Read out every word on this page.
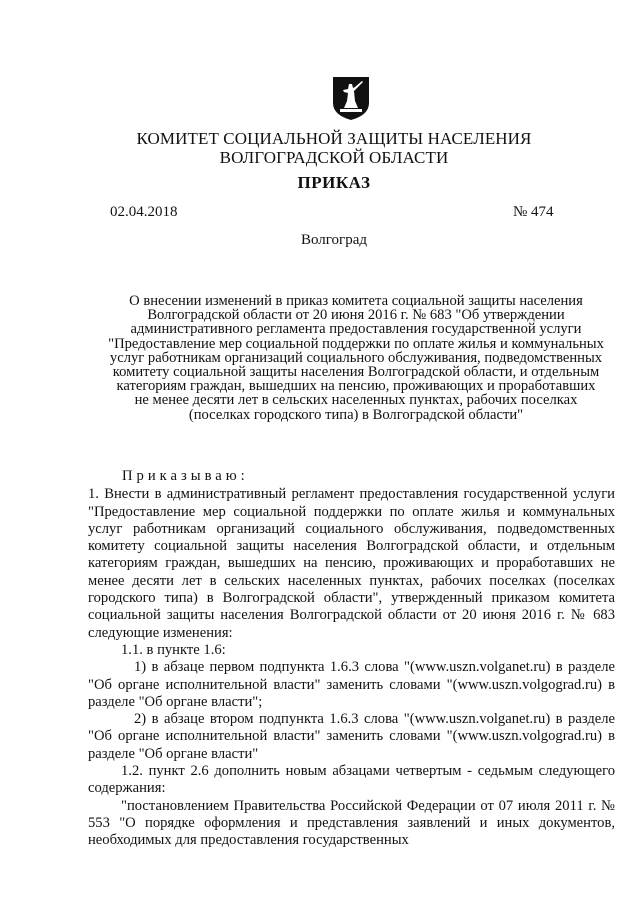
КОМИТЕТ СОЦИАЛЬНОЙ ЗАЩИТЫ НАСЕЛЕНИЯ
ВОЛГОГРАДСКОЙ ОБЛАСТИ
ПРИКАЗ
02.04.2018	№ 474
Волгоград
О внесении изменений в приказ комитета социальной защиты населения Волгоградской области от 20 июня 2016 г. № 683 "Об утверждении административного регламента предоставления государственной услуги "Предоставление мер социальной поддержки по оплате жилья и коммунальных услуг работникам организаций социального обслуживания, подведомственных комитету социальной защиты населения Волгоградской области, и отдельным категориям граждан, вышедших на пенсию, проживающих и проработавших не менее десяти лет в сельских населенных пунктах, рабочих поселках (поселках городского типа) в Волгоградской области"

Приказываю:

1. Внести в административный регламент предоставления государственной услуги "Предоставление мер социальной поддержки по оплате жилья и коммунальных услуг работникам организаций социального обслуживания, подведомственных комитету социальной защиты населения Волгоградской области, и отдельным категориям граждан, вышедших на пенсию, проживающих и проработавших не менее десяти лет в сельских населенных пунктах, рабочих поселках (поселках городского типа) в Волгоградской области", утвержденный приказом комитета социальной защиты населения Волгоградской области от 20 июня 2016 г. № 683 следующие изменения:

1.1. в пункте 1.6:

1) в абзаце первом подпункта 1.6.3 слова "(www.uszn.volganet.ru) в разделе "Об органе исполнительной власти" заменить словами "(www.uszn.volgograd.ru) в разделе "Об органе власти";

2) в абзаце втором подпункта 1.6.3 слова "(www.uszn.volganet.ru) в разделе "Об органе исполнительной власти" заменить словами "(www.uszn.volgograd.ru) в разделе "Об органе власти"

1.2. пункт 2.6 дополнить новым абзацами четвертым - седьмым следующего содержания:

"постановлением Правительства Российской Федерации от 07 июля 2011 г. № 553 "О порядке оформления и представления заявлений и иных документов, необходимых для предоставления государственных
